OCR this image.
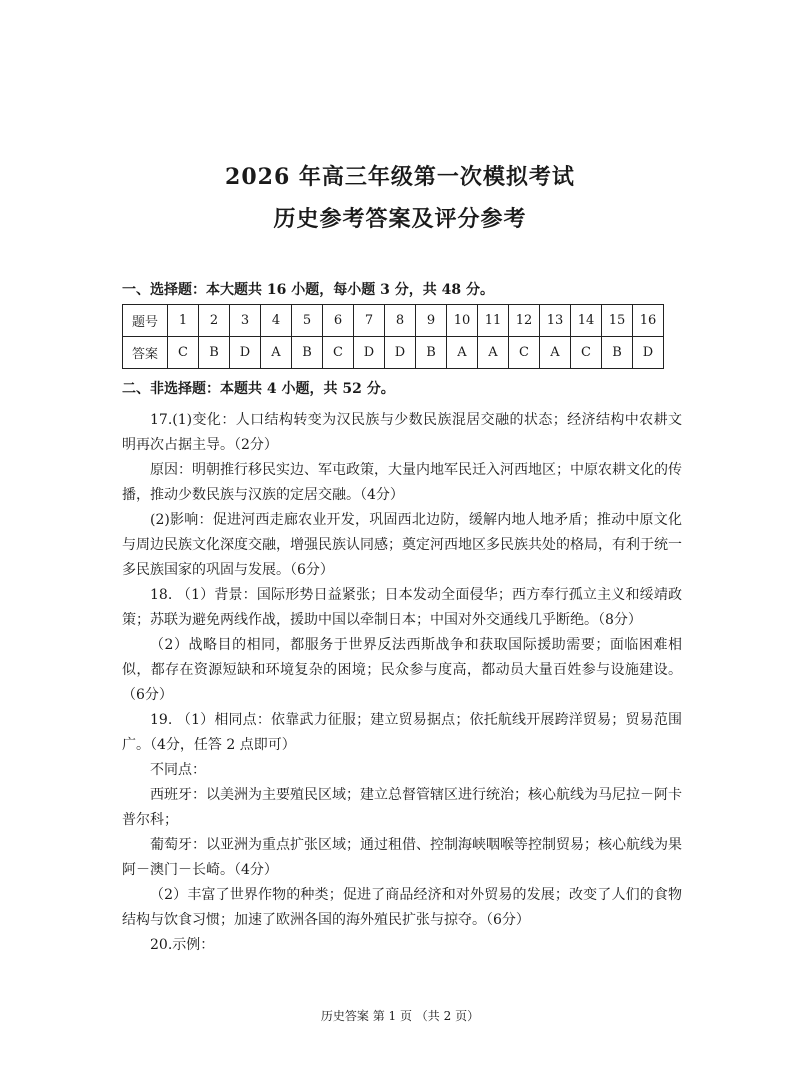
2026 年高三年级第一次模拟考试
历史参考答案及评分参考
一、选择题：本大题共 16 小题，每小题 3 分，共 48 分。
题号	1	2	3	4	5	6	7	8	9	10	11	12	13	14	15	16
答案	C	B	D	A	B	C	D	D	B	A	A	C	A	C	B	D
二、非选择题：本题共 4 小题，共 52 分。
17.(1)变化：人口结构转变为汉民族与少数民族混居交融的状态；经济结构中农耕文明再次占据主导。（2分）
原因：明朝推行移民实边、军屯政策，大量内地军民迁入河西地区；中原农耕文化的传播，推动少数民族与汉族的定居交融。（4分）
(2)影响：促进河西走廊农业开发，巩固西北边防，缓解内地人地矛盾；推动中原文化与周边民族文化深度交融，增强民族认同感；奠定河西地区多民族共处的格局，有利于统一多民族国家的巩固与发展。（6分）
18. （1）背景：国际形势日益紧张；日本发动全面侵华；西方奉行孤立主义和绥靖政策；苏联为避免两线作战，援助中国以牵制日本；中国对外交通线几乎断绝。（8分）
（2）战略目的相同，都服务于世界反法西斯战争和获取国际援助需要；面临困难相似，都存在资源短缺和环境复杂的困境；民众参与度高，都动员大量百姓参与设施建设。（6分）
19. （1）相同点：依靠武力征服；建立贸易据点；依托航线开展跨洋贸易；贸易范围广。（4分，任答 2 点即可）
不同点：
西班牙：以美洲为主要殖民区域；建立总督管辖区进行统治；核心航线为马尼拉－阿卡普尔科；
葡萄牙：以亚洲为重点扩张区域；通过租借、控制海峡咽喉等控制贸易；核心航线为果阿－澳门－长崎。（4分）
（2）丰富了世界作物的种类；促进了商品经济和对外贸易的发展；改变了人们的食物结构与饮食习惯；加速了欧洲各国的海外殖民扩张与掠夺。（6分）
20.示例：
历史答案 第 1 页 （共 2 页）
